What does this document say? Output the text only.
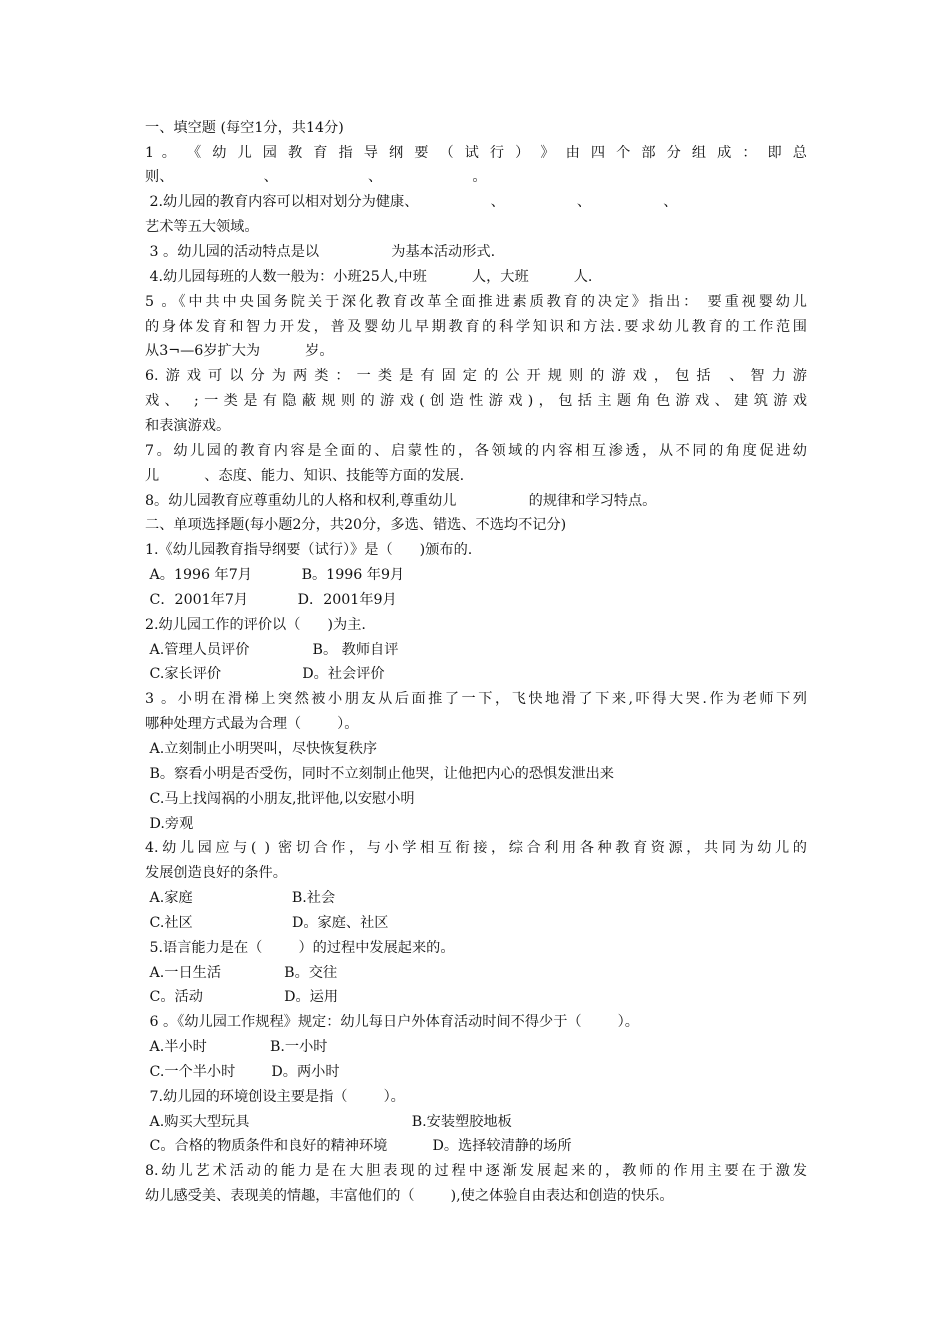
一、填空题 (每空1分，共14分)
1 。 《 幼 儿 园 教 育 指 导 纲 要 （ 试 行 ） 》 由 四 个 部 分 组 成 ： 即 总
则、                    、                    、                    。
2.幼儿园的教育内容可以相对划分为健康、                、                、                、
艺术等五大领域。
3 。幼儿园的活动特点是以                为基本活动形式.
4.幼儿园每班的人数一般为：小班25人,中班          人，大班          人.
5 。《中共中央国务院关于深化教育改革全面推进素质教育的决定》指出： 要重视婴幼儿
的身体发育和智力开发，普及婴幼儿早期教育的科学知识和方法.要求幼儿教育的工作范围
从3¬—6岁扩大为          岁。
6.游戏可以分为两类：一类是有固定的公开规则的游戏，包括 、智力游
戏、 ;一类是有隐蔽规则的游戏(创造性游戏)，包括主题角色游戏、建筑游戏
和表演游戏。
7。幼儿园的教育内容是全面的、启蒙性的，各领域的内容相互渗透，从不同的角度促进幼
儿          、态度、能力、知识、技能等方面的发展.
8。幼儿园教育应尊重幼儿的人格和权利,尊重幼儿                的规律和学习特点。
二、单项选择题(每小题2分，共20分，多选、错选、不选均不记分)
1.《幼儿园教育指导纲要（试行）》是（      )颁布的.
A。1996 年7月           B。1996 年9月
C．2001年7月           D．2001年9月
2.幼儿园工作的评价以（      )为主.
A.管理人员评价              B。 教师自评
C.家长评价                  D。社会评价
3 。小明在滑梯上突然被小朋友从后面推了一下，飞快地滑了下来,吓得大哭.作为老师下列
哪种处理方式最为合理（        ）。
A.立刻制止小明哭叫，尽快恢复秩序
B。察看小明是否受伤，同时不立刻制止他哭，让他把内心的恐惧发泄出来
C.马上找闯祸的小朋友,批评他,以安慰小明
D.旁观
4.幼儿园应与( ) 密切合作，与小学相互衔接，综合利用各种教育资源，共同为幼儿的
发展创造良好的条件。
A.家庭                      B.社会
C.社区                      D。家庭、社区
5.语言能力是在（        ）的过程中发展起来的。
A.一日生活              B。交往
C。活动                  D。运用
6 。《幼儿园工作规程》规定：幼儿每日户外体育活动时间不得少于（        ）。
A.半小时              B.一小时
C.一个半小时        D。两小时
7.幼儿园的环境创设主要是指（        ）。
A.购买大型玩具                                    B.安装塑胶地板
C。合格的物质条件和良好的精神环境          D。选择较清静的场所
8.幼儿艺术活动的能力是在大胆表现的过程中逐渐发展起来的，教师的作用主要在于激发
幼儿感受美、表现美的情趣，丰富他们的（        ),使之体验自由表达和创造的快乐。
